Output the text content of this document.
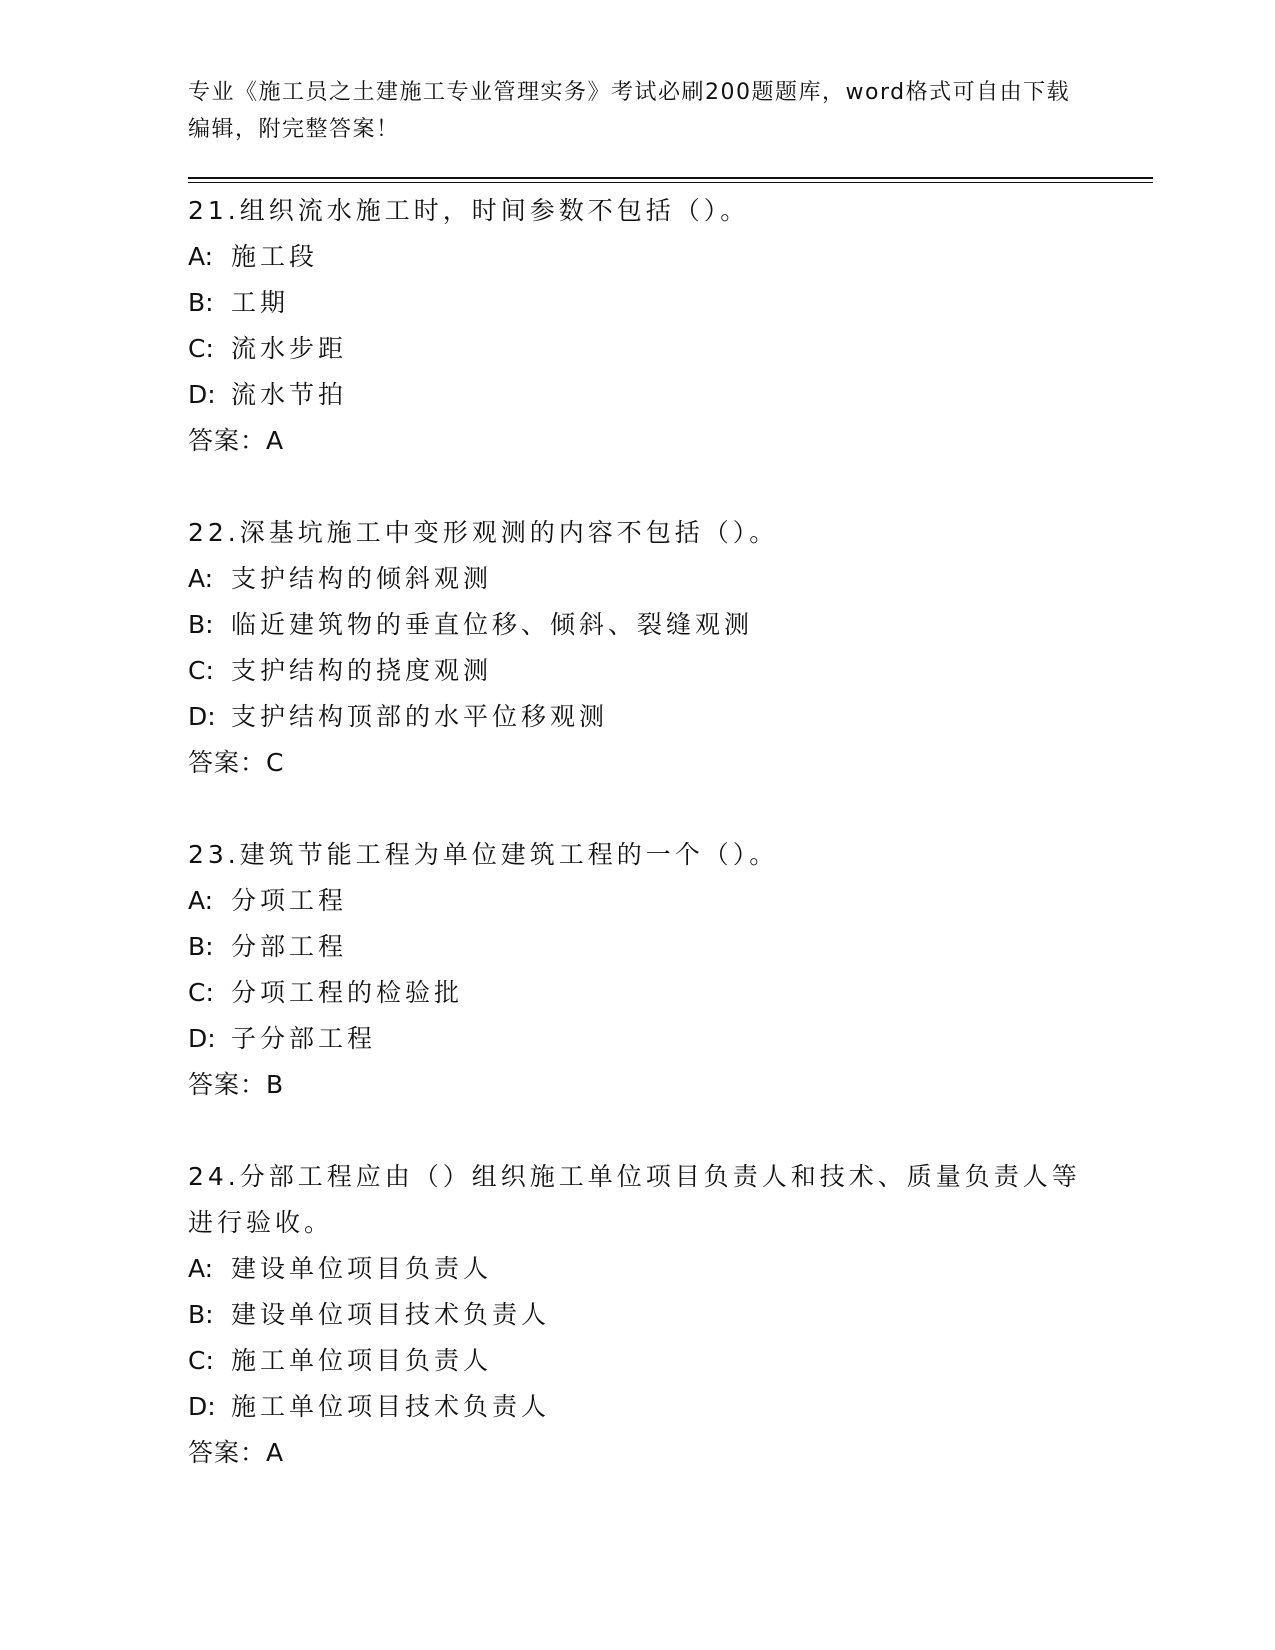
专业《施工员之土建施工专业管理实务》考试必刷200题题库，word格式可自由下载编辑，附完整答案！
21.组织流水施工时，时间参数不包括（）。
A: 施工段
B: 工期
C: 流水步距
D: 流水节拍
答案：A
22.深基坑施工中变形观测的内容不包括（）。
A: 支护结构的倾斜观测
B: 临近建筑物的垂直位移、倾斜、裂缝观测
C: 支护结构的挠度观测
D: 支护结构顶部的水平位移观测
答案：C
23.建筑节能工程为单位建筑工程的一个（）。
A: 分项工程
B: 分部工程
C: 分项工程的检验批
D: 子分部工程
答案：B
24.分部工程应由（）组织施工单位项目负责人和技术、质量负责人等进行验收。
A: 建设单位项目负责人
B: 建设单位项目技术负责人
C: 施工单位项目负责人
D: 施工单位项目技术负责人
答案：A
